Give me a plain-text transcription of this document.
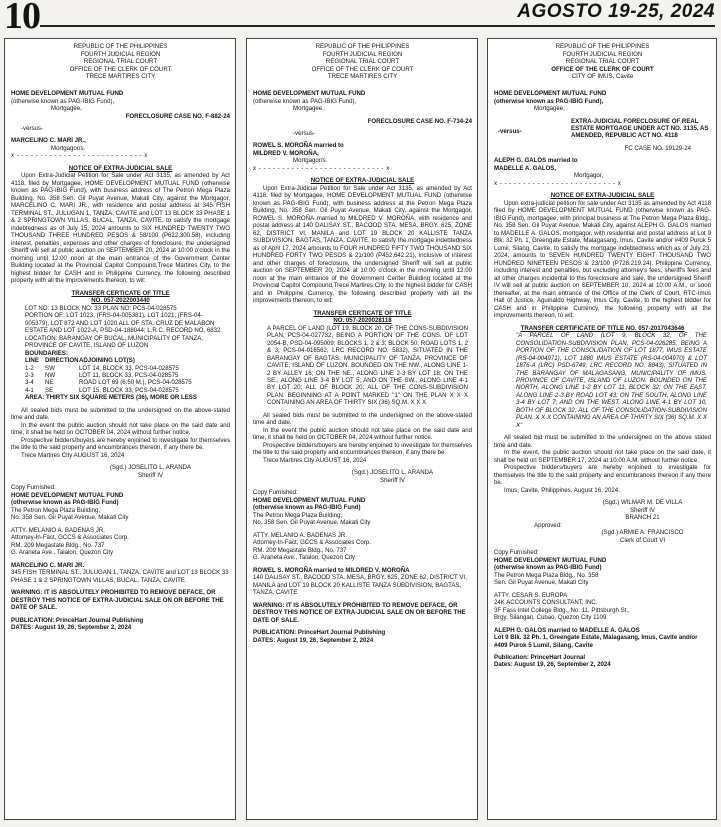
10	AGOSTO 19-25, 2024
REPUBLIC OF THE PHILIPPINES
FOURTH JUDICIAL REGION
REGIONAL TRIAL COURT
OFFICE OF THE CLERK OF COURT
TRECE MARTIRES CITY
HOME DEVELOPMENT MUTUAL FUND
(otherwise known as PAG-IBIG Fund),
Mortgagee,
FORECLOSURE CASE NO. F-882-24
-versus-
MARCELINO C. MARI JR.,
Mortgagor/s.
x - - - - - - - - - - - - - - - - - - - - - - - - - - - x
NOTICE OF EXTRA-JUDICIAL SALE

Upon Extra-Judicial Petition for Sale under Act 3135, as amended by Act 4118, filed by Mortgagee, HOME DEVELOPMENT MUTUAL FUND (otherwise known as PAG-IBIG Fund), with business address of The Petron Mega Plaza Building, No. 358 Sen. Gil Puyat Avenue, Makati City, against the Mortgagor, MARCELINO C. MARI JR., with residence and postal address at 345 FISH TERMINAL ST., JULUGAN 1, TANZA, CAVITE and LOT 13 BLOCK 33 PHASE 1 & 2 SPRINGTOWN VILLAS, BUCAL, TANZA, CAVITE, to satisfy the mortgage indebtedness as of July 15, 2024 amounts to SIX HUNDRED TWENTY TWO THOUSAND THREE HUNDRED PESOS & 58/100 (P622,300.58), including interest, penalties, expenses and other charges of foreclosure, the undersigned Sheriff will sell at public auction on SEPTEMBER 20, 2024 at 10:00 o'clock in the morning until 12:00 noon at the main entrance of the Government Center Building located at the Provincial Capitol Compound,Trece Martires City, to the highest bidder for CASH and in Philippine Currency, the following described property with all the improvements thereon, to wit:

TRANSFER CERTICATE OF TITLE
NO. 057-2022003440
LOT NO: 13 BLOCK NO: 33 PLAN NO: PCS-04-028575
PORTION OF: LOT 1023, (FRS-04-005381), LOT 1021, (FRS-04-005379), LOT 872 AND LOT 1020 ALL OF STA. CRUZ DE MALABON ESTATE AND LOT 1022-A, PSD-04-188044; L.R.C. RECORD NO. 6832
LOCATION: BARANGAY OF BUCAL, MUNICIPALITY OF TANZA, PROVINCE OF CAVITE, ISLAND OF LUZON
BOUNDARIES:
LINE	DIRECTION ADJOINING LOT(S)
1-2	SW	LOT 14, BLOCK 33, PCS-04-028575
2-3	NW	LOT 11, BLOCK 33, PCS-04-028575
3-4	NE	ROAD LOT 69 (6.50 M.), PCS-04-028575
4-1	SE	LOT 15, BLOCK 33, PCS-04-028575
AREA: THIRTY SIX SQUARE METERS (36), MORE OR LESS

All sealed bids must be submitted to the undersigned on the above-stated time and date.

In the event the public auction should not take place on the said date and time, it shall be held on OCTOBER 04, 2024 without further notice.

Prospective bidders/buyers are hereby enjoined to investigate for themselves the title to the said property and encumbrances thereon, if any there be.

Trece Martires City AUGUST 16, 2024

(Sgd.) JOSELITO L. ARANDA
Sheriff IV
Copy Furnished:
HOME DEVELOPMENT MUTUAL FUND
(otherwise known as PAG-IBIG Fund)
The Petron Mega Plaza Building,
No. 358 Sen. Gil Puyat Avenue, Makati City
ATTY. MELANIO A. BADENAS JR.
Attorney-In-Fact, GCCS & Associates Corp.
RM. 209 Megastate Bldg., No. 737
G. Araneta Ave., Talalon, Quezon City
MARCELINO C. MARI JR.
345 FISH TERMINAL ST., JULUGAN 1, TANZA, CAVITE and LOT 13 BLOCK 33 PHASE 1 & 2 SPRINGTOWN VILLAS, BUCAL, TANZA, CAVITE
WARNING: IT IS ABSOLUTELY PROHIBITED TO REMOVE DEFACE, OR DESTROY THIS NOTICE OF EXTRA-JUDICIAL SALE ON OR BEFORE THE DATE OF SALE.
PUBLICATION: PrinceHart Journal Publishing
DATES: August 19, 26, September 2, 2024
REPUBLIC OF THE PHILIPPINES
FOURTH JUDICIAL REGION
REGIONAL TRIAL COURT
OFFICE OF THE CLERK OF COURT
TRECE MARTIRES CITY
HOME DEVELOPMENT MUTUAL FUND
(otherwise known as PAG-IBIG Fund),
Mortgagee,
FORECLOSURE CASE NO. F-734-24
-versus-
ROWEL S. MOROÑA married to
MILDRED V. MOROÑA,
Mortgagor/s.
x - - - - - - - - - - - - - - - - - - - - - - - - - - - x
NOTICE OF EXTRA-JUDICIAL SALE

Upon Extra-Judicial Petition for Sale under Act 3135, as amended by Act 4118, filed by Mortgagee, HOME DEVELOPMENT MUTUAL FUND (otherwise known as PAG-IBIG Fund), with business address at the Petron Mega Plaza Building, No. 358 Sen. Gil Puyat Avenue, Makati City, against the Mortgagor, ROWEL S. MOROÑA married to MILDRED V. MOROÑA, with residence and postal address at 140 DALISAY ST., BACOOD STA. MESA, BRGY. 625, ZONE 62, DISTRICT VI, MANILA and LOT 19 BLOCK 20 KALLISTE TANZA SUBDIVISION, BAGTAS, TANZA, CAVITE, to satisfy the mortgage indebtedness as of April 17, 2024 amounts to FOUR HUNDRED FIFTY TWO THOUSAND SIX HUNDRED FORTY TWO PESOS & 21/100 (P452,642.21), inclusive of interest and other charges of foreclosure, the undersigned Sheriff will sell at public auction on SEPTEMBER 20, 2024 at 10:00 o'clock in the morning until 12:00 noon at the main entrance of the Government Center Building located at the Provincial Capitol Compound,Trece Martires City, to the highest bidder for CASH and in Philippine Currency, the following described property with all the improvements thereon, to wit:

TRANSFER CERTICATE OF TITLE
NO. 057-2020028118

A PARCEL OF LAND (LOT 19, BLOCK 20, OF THE CONS-SUBDIVISION PLAN, PCS-04-027732, BEING A PORTION OF THE CONS. OF LOT 2054-B, PSD-04-095009; BLOCKS 1, 2 & 3; BLOCK 50; ROAD LOTS 1, 2 & 3, PCS-04-016562, LRC RECORD NO. 5832), SITUATED IN THE BARANGAY OF BAGTAS, MUNICIPALITY OF TANZA, PROVINCE OF CAVITE, ISLAND OF LUZON. BOUNDED ON THE NW., ALONG LINE 1-2 BY ALLEY 16; ON THE NE., ALONG LINE 2-3 BY LOT 18; ON THE SE., ALONG LINE 3-4 BY LOT 5; AND ON THE SW., ALONG LINE 4-1 BY LOT 20; ALL OF BLOCK 20; ALL OF THE CONS-SUBDIVISION PLAN. BEGINNING AT A POINT MARKED "1" ON THE PLAN X X X CONTAINING AN AREA OF THIRTY SIX (36) SQ.M. X X X

All sealed bids must be submitted to the undersigned on the above-stated time and date.

In the event the public auction should not take place on the said date and time, it shall be held on OCTOBER 04, 2024 without further notice.

Prospective bidders/buyers are hereby enjoined to investigate for themselves the title to the said property and encumbrances thereon, if any there be.

Trece Martires City AUGUST 16, 2024

(Sgd.) JOSELITO L. ARANDA
Sheriff IV
Copy Furnished:
HOME DEVELOPMENT MUTUAL FUND
(otherwise known as PAG-IBIG Fund)
The Petron Mega Plaza Building,
No. 358 Sen. Gil Puyat Avenue, Makati City
ATTY. MELANIO A. BADENAS JR.
Attorney-In-Fact, GCCS & Associates Corp.
RM. 209 Megastate Bldg., No. 737
G. Araneta Ave., Talalon, Quezon City
ROWEL S. MOROÑA married to MILDRED V. MOROÑA
140 DALISAY ST., BACOOD STA. MESA, BRGY. 625, ZONE 62, DISTRICT VI, MANILA and LOT 19 BLOCK 20 KALLISTE TANZA SUBDIVISION, BAGTAS, TANZA, CAVITE
WARNING: IT IS ABSOLUTELY PROHIBITED TO REMOVE DEFACE, OR DESTROY THIS NOTICE OF EXTRA-JUDICIAL SALE ON OR BEFORE THE DATE OF SALE.
PUBLICATION: PrinceHart Journal Publishing
DATES: August 19, 26, September 2, 2024
REPUBLIC OF THE PHILIPPINES
FOURTH JUDICIAL REGION
REGIONAL TRIAL COURT
OFFICE OF THE CLERK OF COURT
CITY OF IMUS, Cavite
HOME DEVELOPMENT MUTUAL FUND
(otherwise known as PAG-IBIG Fund),
Mortgagee,
-versus-
EXTRA-JUDICIAL FORECLOSURE OF REAL ESTATE MORTGAGE UNDER ACT NO. 3135, AS AMENDED, REPUBLIC ACT NO. 4118
FC CASE NO. 19129-24
ALEPH G. GALOS married to
MADELLE A. GALOS,
Mortgagor,
x - - - - - - - - - - - - - - - - - - - - - - - - - x
NOTICE OF EXTRA-JUDICIAL SALE

Upon extra-judicial petition for sale under Act 3135 as amended by Act 4118 filed by HOME DEVELOPMENT MUTUAL FUND (otherwise known as PAG-IBIG Fund), mortgagee, with principal business at The Petron Mega Plaza Bldg., No. 358 Sen. Gil Puyat Avenue, Makati City, against ALEPH G. GALOS married to MADELLE A. GALOS, mortgagor, with residential and postal address at Lot 9 Blk. 32 Ph. 1, Greengate Estate, Malagasang, Imus, Cavite and/or #409 Purok 5 Lumil, Silang, Cavite, to satisfy the mortgage indebtedness which as of July 23, 2024, amounts to SEVEN HUNDRED TWENTY EIGHT THOUSAND TWO HUNDRED NINETEEN PESOS & 23/100 (P728,219.24). Philippine Currency, including interest and penalties, but excluding attorney's fees, sheriff's fees and all other charges incidental to this foreclosure and sale, the undersigned Sheriff IV will sell at public auction on SEPTEMBER 10, 2024 at 10:00 A.M., or soon thereafter, at the main entrance of the Office of the Clerk of Court, RTC-Imus Hall of Justice, Aguinaldo Highway, Imus City, Cavite, to the highest bidder for CASH and in Philippine Currency, the following property with all the improvements thereon, to wit:

TRANSFER CERTIFICATE OF TITLE NO. 057-2017043646

"A PARCEL OF LAND (LOT 9, BLOCK 32, OF THE CONSOLIDATION-SUBDIVISION PLAN, PCS-04-026285, BEING A PORTION OF THE CONSOLIDATION OF LOT 1877, IMUS ESTATE (RS-04-004971), LOT 1880 IMUS ESTATE (RS-04-004970) & LOT 1876-A (LRC) PSD-6749, LRC RECORD NO. 8843), SITUATED IN THE BARANGAY OF MALAGASANG, MUNICIPALITY OF IMUS, PROVINCE OF CAVITE, ISLAND OF LUZON. BOUNDED ON THE NORTH, ALONG LINE 1-2 BY LOT 11, BLOCK 32; ON THE EAST, ALONG LINE 2-3 BY ROAD LOT 43; ON THE SOUTH, ALONG LINE 3-4 BY LOT 7; AND ON THE WEST, ALONG LINE 4-1 BY LOT 10, BOTH OF BLOCK 32, ALL OF THE CONSOLIDATION-SUBDIVISION PLAN. X X X CONTAINING AN AREA OF THIRTY SIX (36) SQ.M. X X X"

All sealed bid must be submitted to the undersigned on the above stated time and date.

In the event, the public auction should not take place on the said date, it shall be held on SEPTEMBER 17, 2024 at 10:00 A.M. without further notice.

Prospective bidders/buyers are hereby enjoined to investigate for themselves the title to the said property and encumbrances thereon if any there be.

Imus, Cavite, Philippines, August 16, 2024.

(Sgd.) WILMAR M. DE VILLA
Sheriff IV
BRANCH 21
Approved:
(Sgd.) ARMIE A. FRANCISCO
Clerk of Court VI
Copy Furnished:
HOME DEVELOPMENT MUTUAL FUND
(otherwise known as PAG-IBIG Fund)
The Petron Mega Plaza Bldg., No. 358
Sen. Gil Puyat Avenue, Makati City
ATTY. CESAR S. EUROPA
24K ACCOUNTS CONSULTANT, INC.
3F Fass Intel College Bldg., No. 11, Pittsburgh St.,
Brgy. Silangan, Cubao, Quezon City 1109
ALEPH G. GALOS married to MADELLE A. GALOS
Lot 9 Blk. 32 Ph. 1, Greengate Estate, Malagasang, Imus, Cavite and/or #409 Purok 5 Lumil, Silang, Cavite
Publication: PrinceHart Journal
Dates: August 19, 26, September 2, 2024
